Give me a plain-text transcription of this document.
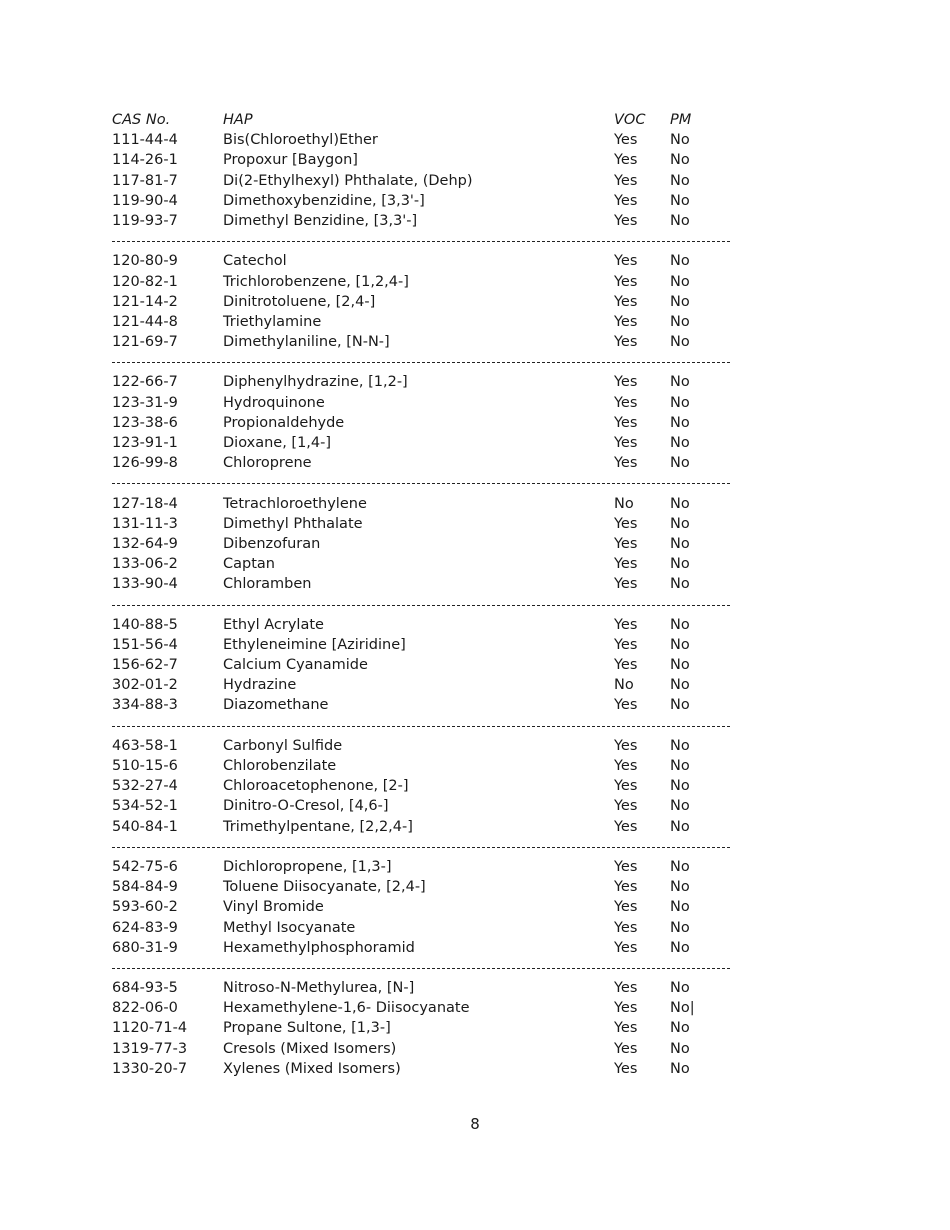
CAS No.	HAP	VOC PM
111-44-4	Bis(Chloroethyl)Ether	Yes No
114-26-1	Propoxur [Baygon]	Yes No
117-81-7	Di(2-Ethylhexyl) Phthalate, (Dehp)	Yes No
119-90-4	Dimethoxybenzidine, [3,3'-]	Yes No
119-93-7	Dimethyl Benzidine, [3,3'-]	Yes No
120-80-9	Catechol	Yes No
120-82-1	Trichlorobenzene, [1,2,4-]	Yes No
121-14-2	Dinitrotoluene, [2,4-]	Yes No
121-44-8	Triethylamine	Yes No
121-69-7	Dimethylaniline, [N-N-]	Yes No
122-66-7	Diphenylhydrazine, [1,2-]	Yes No
123-31-9	Hydroquinone	Yes No
123-38-6	Propionaldehyde	Yes No
123-91-1	Dioxane, [1,4-]	Yes No
126-99-8	Chloroprene	Yes No
127-18-4	Tetrachloroethylene	No	No
131-11-3	Dimethyl Phthalate	Yes No
132-64-9	Dibenzofuran	Yes No
133-06-2	Captan	Yes No
133-90-4	Chloramben	Yes No
140-88-5	Ethyl Acrylate	Yes No
151-56-4	Ethyleneimine [Aziridine]	Yes No
156-62-7	Calcium Cyanamide	Yes No
302-01-2	Hydrazine	No	No
334-88-3	Diazomethane	Yes No
463-58-1	Carbonyl Sulfide	Yes No
510-15-6	Chlorobenzilate	Yes No
532-27-4	Chloroacetophenone, [2-]	Yes No
534-52-1	Dinitro-O-Cresol, [4,6-]	Yes No
540-84-1	Trimethylpentane, [2,2,4-]	Yes No
542-75-6	Dichloropropene, [1,3-]	Yes No
584-84-9	Toluene Diisocyanate, [2,4-]	Yes No
593-60-2	Vinyl Bromide	Yes No
624-83-9	Methyl Isocyanate	Yes No
680-31-9	Hexamethylphosphoramid	Yes No
684-93-5	Nitroso-N-Methylurea, [N-]	Yes No
822-06-0	Hexamethylene-1,6- Diisocyanate	Yes No|
1120-71-4 Propane Sultone, [1,3-]	Yes No
1319-77-3 Cresols (Mixed Isomers)	Yes No
1330-20-7 Xylenes (Mixed Isomers)	Yes No
8
